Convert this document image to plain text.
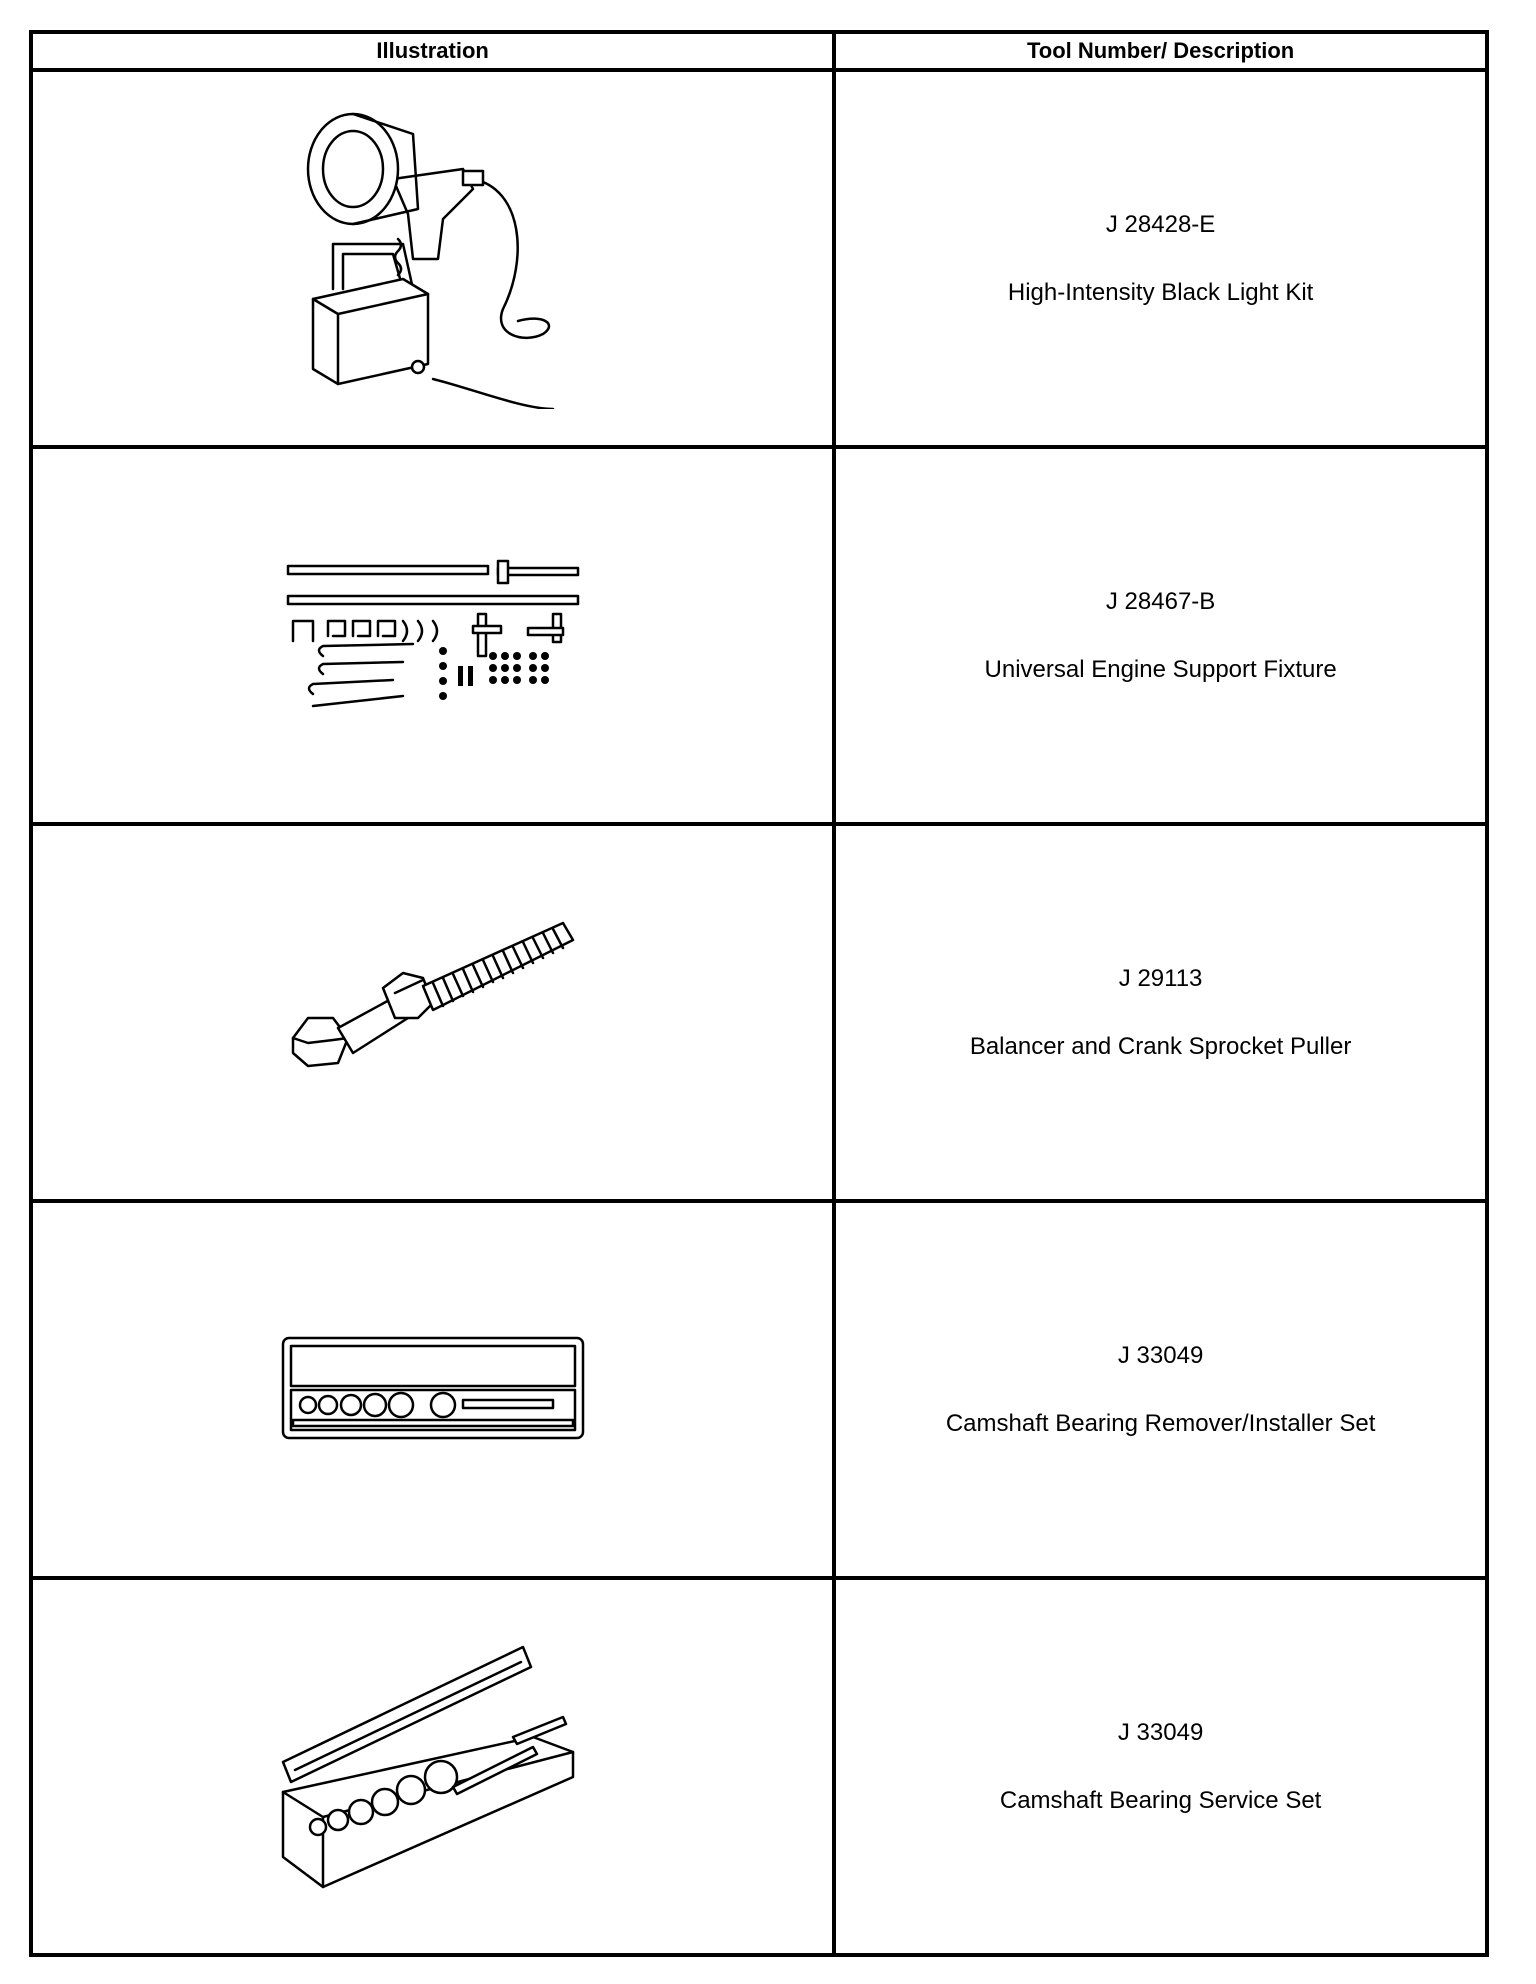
Illustration	Tool Number/ Description

J 28428-E
High-Intensity Black Light Kit

J 28467-B
Universal Engine Support Fixture

J 29113
Balancer and Crank Sprocket Puller

J 33049
Camshaft Bearing Remover/Installer Set

J 33049
Camshaft Bearing Service Set
